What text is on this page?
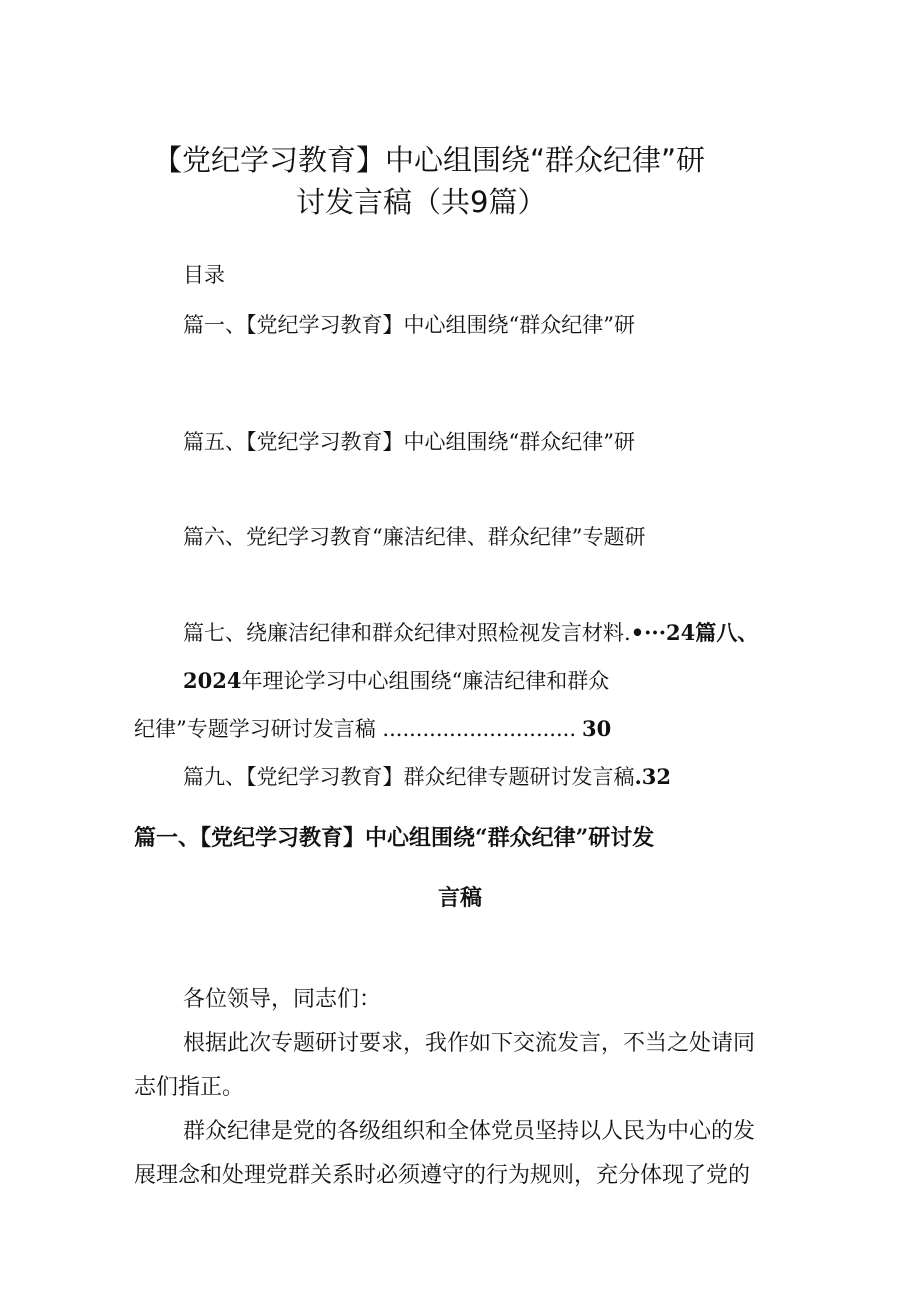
【党纪学习教育】中心组围绕“群众纪律”研
讨发言稿（共9篇）
目录
篇一、【党纪学习教育】中心组围绕“群众纪律”研
篇五、【党纪学习教育】中心组围绕“群众纪律”研
篇六、党纪学习教育“廉洁纪律、群众纪律”专题研
篇七、绕廉洁纪律和群众纪律对照检视发言材料.•···24篇八、
2024年理论学习中心组围绕“廉洁纪律和群众
纪律”专题学习研讨发言稿 ............................. 30
篇九、【党纪学习教育】群众纪律专题研讨发言稿.32
篇一、【党纪学习教育】中心组围绕“群众纪律”研讨发
言稿
各位领导，同志们：
根据此次专题研讨要求，我作如下交流发言，不当之处请同
志们指正。
群众纪律是党的各级组织和全体党员坚持以人民为中心的发
展理念和处理党群关系时必须遵守的行为规则，充分体现了党的
